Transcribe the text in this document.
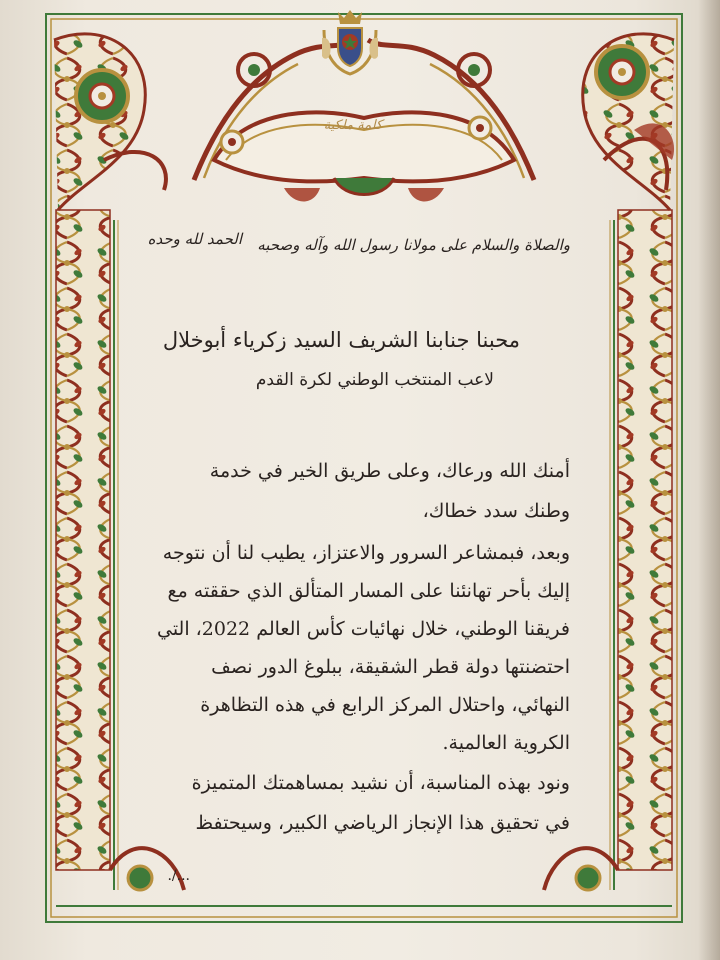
كلمة ملكية
الحمد لله وحده والصلاة والسلام على مولانا رسول الله وآله وصحبه
محبنا جنابنا الشريف السيد زكرياء أبوخلال
لاعب المنتخب الوطني لكرة القدم
أمنك الله ورعاك، وعلى طريق الخير في خدمة
وطنك سدد خطاك،
وبعد، فبمشاعر السرور والاعتزاز، يطيب لنا أن نتوجه
إليك بأحر تهانئنا على المسار المتألق الذي حققته مع
فريقنا الوطني، خلال نهائيات كأس العالم 2022، التي
احتضنتها دولة قطر الشقيقة، ببلوغ الدور نصف
النهائي، واحتلال المركز الرابع في هذه التظاهرة
الكروية العالمية.
ونود بهذه المناسبة، أن نشيد بمساهمتك المتميزة
في تحقيق هذا الإنجاز الرياضي الكبير، وسيحتفظ
./...
